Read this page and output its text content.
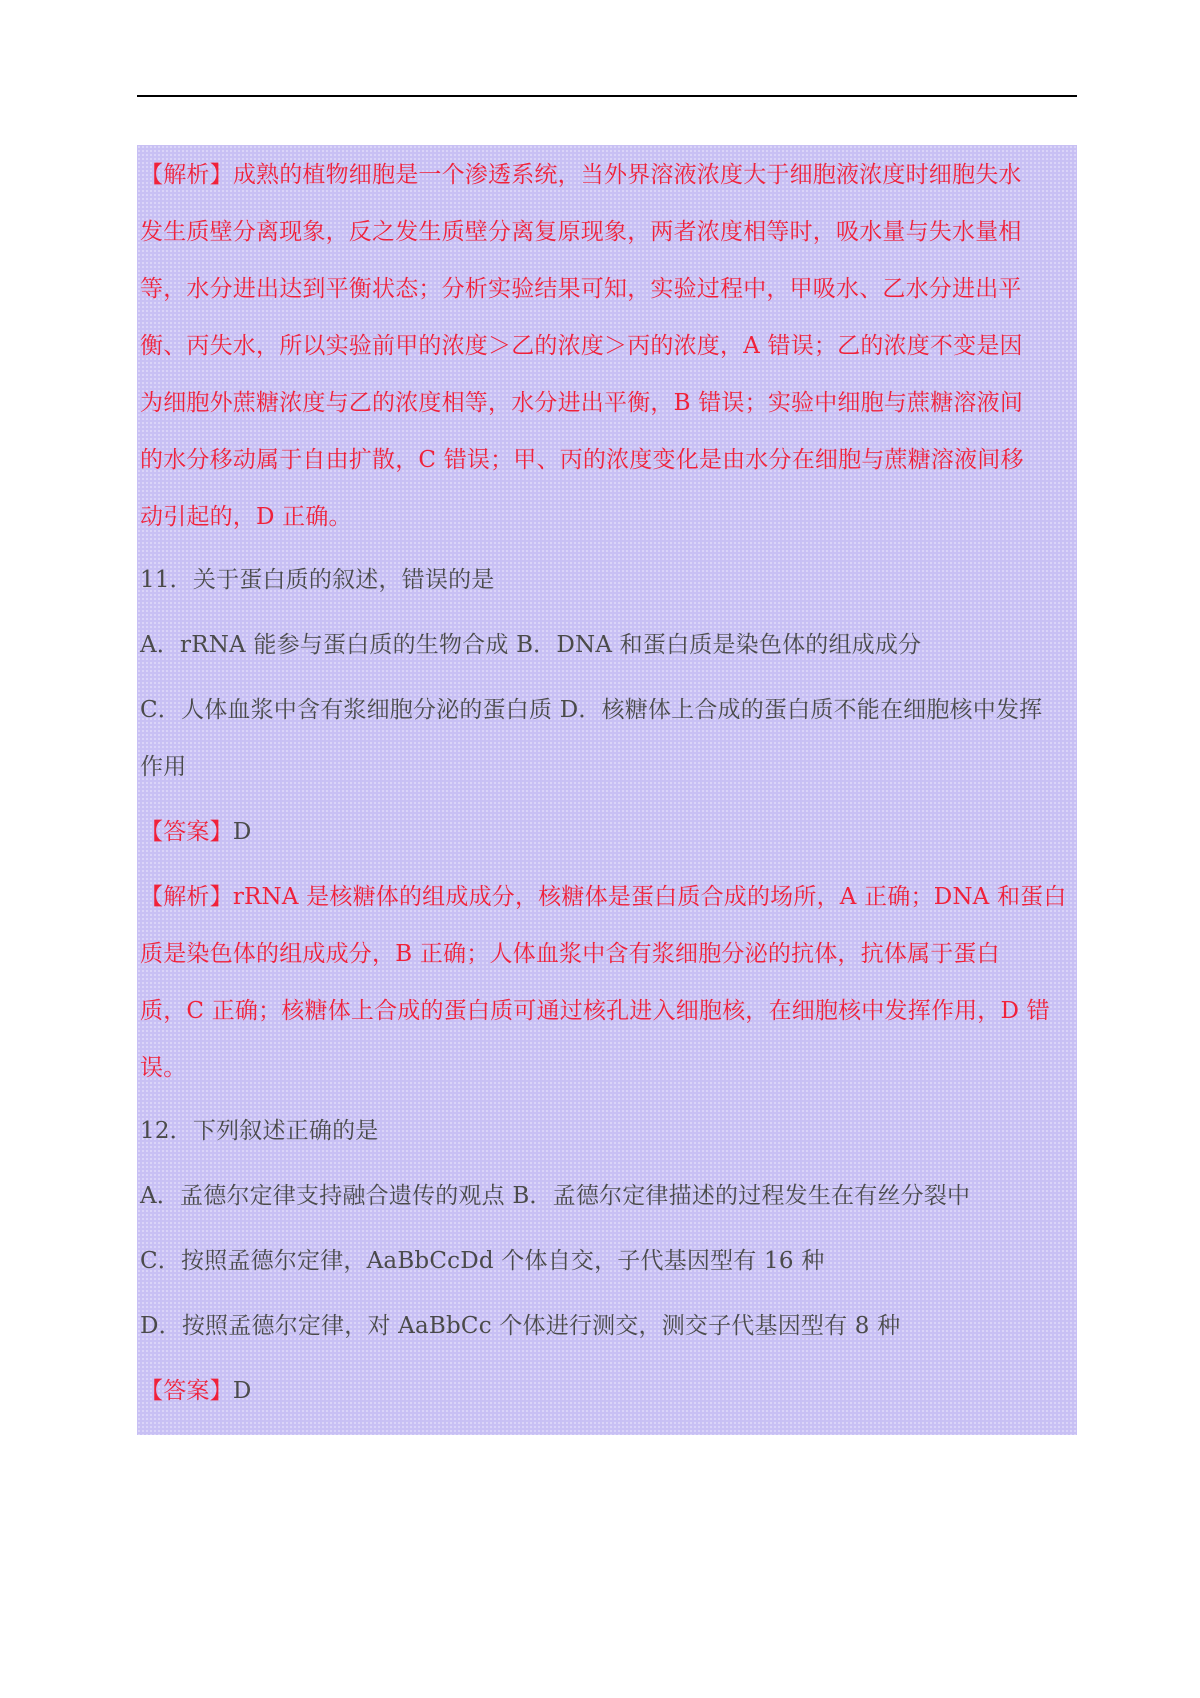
【解析】成熟的植物细胞是一个渗透系统，当外界溶液浓度大于细胞液浓度时细胞失水
发生质壁分离现象，反之发生质壁分离复原现象，两者浓度相等时，吸水量与失水量相
等，水分进出达到平衡状态；分析实验结果可知，实验过程中，甲吸水、乙水分进出平
衡、丙失水，所以实验前甲的浓度＞乙的浓度＞丙的浓度，A 错误；乙的浓度不变是因
为细胞外蔗糖浓度与乙的浓度相等，水分进出平衡，B 错误；实验中细胞与蔗糖溶液间
的水分移动属于自由扩散，C 错误；甲、丙的浓度变化是由水分在细胞与蔗糖溶液间移
动引起的，D 正确。
11．关于蛋白质的叙述，错误的是
A．rRNA 能参与蛋白质的生物合成 B．DNA 和蛋白质是染色体的组成成分
C．人体血浆中含有浆细胞分泌的蛋白质 D．核糖体上合成的蛋白质不能在细胞核中发挥
作用
【答案】D
【解析】rRNA 是核糖体的组成成分，核糖体是蛋白质合成的场所，A 正确；DNA 和蛋白
质是染色体的组成成分，B 正确；人体血浆中含有浆细胞分泌的抗体，抗体属于蛋白
质，C 正确；核糖体上合成的蛋白质可通过核孔进入细胞核，在细胞核中发挥作用，D 错
误。
12．下列叙述正确的是
A．孟德尔定律支持融合遗传的观点 B．孟德尔定律描述的过程发生在有丝分裂中
C．按照孟德尔定律，AaBbCcDd 个体自交，子代基因型有 16 种
D．按照孟德尔定律，对 AaBbCc 个体进行测交，测交子代基因型有 8 种
【答案】D
